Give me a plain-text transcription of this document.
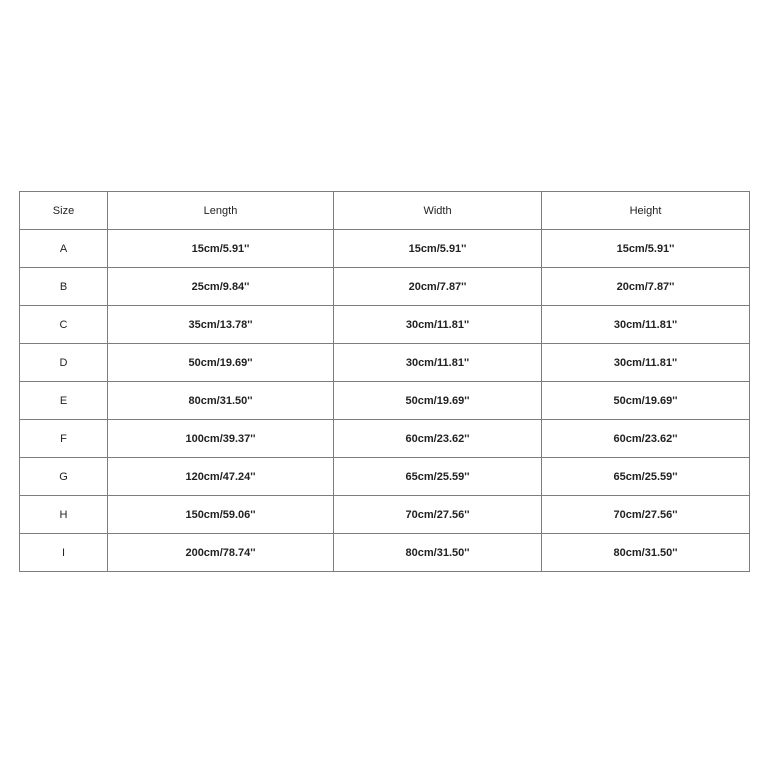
Size	Length	Width	Height
A	15cm/5.91''	15cm/5.91''	15cm/5.91''
B	25cm/9.84''	20cm/7.87''	20cm/7.87''
C	35cm/13.78''	30cm/11.81''	30cm/11.81''
D	50cm/19.69''	30cm/11.81''	30cm/11.81''
E	80cm/31.50''	50cm/19.69''	50cm/19.69''
F	100cm/39.37''	60cm/23.62''	60cm/23.62''
G	120cm/47.24''	65cm/25.59''	65cm/25.59''
H	150cm/59.06''	70cm/27.56''	70cm/27.56''
I	200cm/78.74''	80cm/31.50''	80cm/31.50''
